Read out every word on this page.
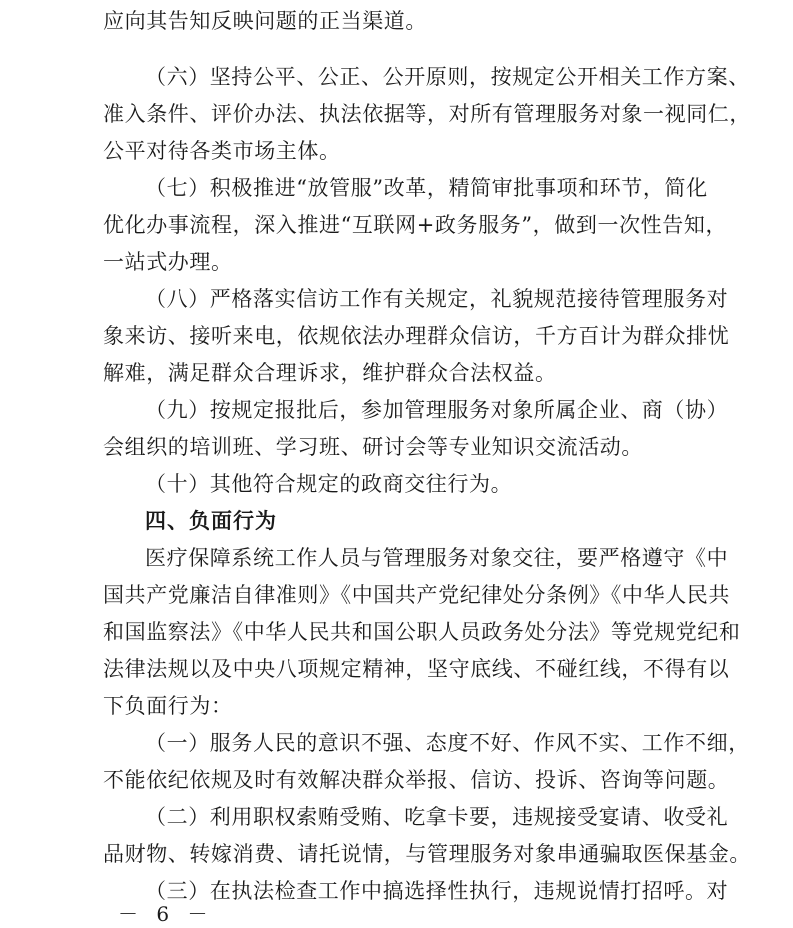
应向其告知反映问题的正当渠道。
（六）坚持公平、公正、公开原则，按规定公开相关工作方案、
准入条件、评价办法、执法依据等，对所有管理服务对象一视同仁，
公平对待各类市场主体。
（七）积极推进“放管服”改革，精简审批事项和环节，简化
优化办事流程，深入推进“互联网+政务服务”，做到一次性告知，
一站式办理。
（八）严格落实信访工作有关规定，礼貌规范接待管理服务对
象来访、接听来电，依规依法办理群众信访，千方百计为群众排忧
解难，满足群众合理诉求，维护群众合法权益。
（九）按规定报批后，参加管理服务对象所属企业、商（协）
会组织的培训班、学习班、研讨会等专业知识交流活动。
（十）其他符合规定的政商交往行为。
四、负面行为
医疗保障系统工作人员与管理服务对象交往，要严格遵守《中
国共产党廉洁自律准则》《中国共产党纪律处分条例》《中华人民共
和国监察法》《中华人民共和国公职人员政务处分法》等党规党纪和
法律法规以及中央八项规定精神，坚守底线、不碰红线，不得有以
下负面行为：
（一）服务人民的意识不强、态度不好、作风不实、工作不细，
不能依纪依规及时有效解决群众举报、信访、投诉、咨询等问题。
（二）利用职权索贿受贿、吃拿卡要，违规接受宴请、收受礼
品财物、转嫁消费、请托说情，与管理服务对象串通骗取医保基金。
（三）在执法检查工作中搞选择性执行，违规说情打招呼。对
－ 6 －
